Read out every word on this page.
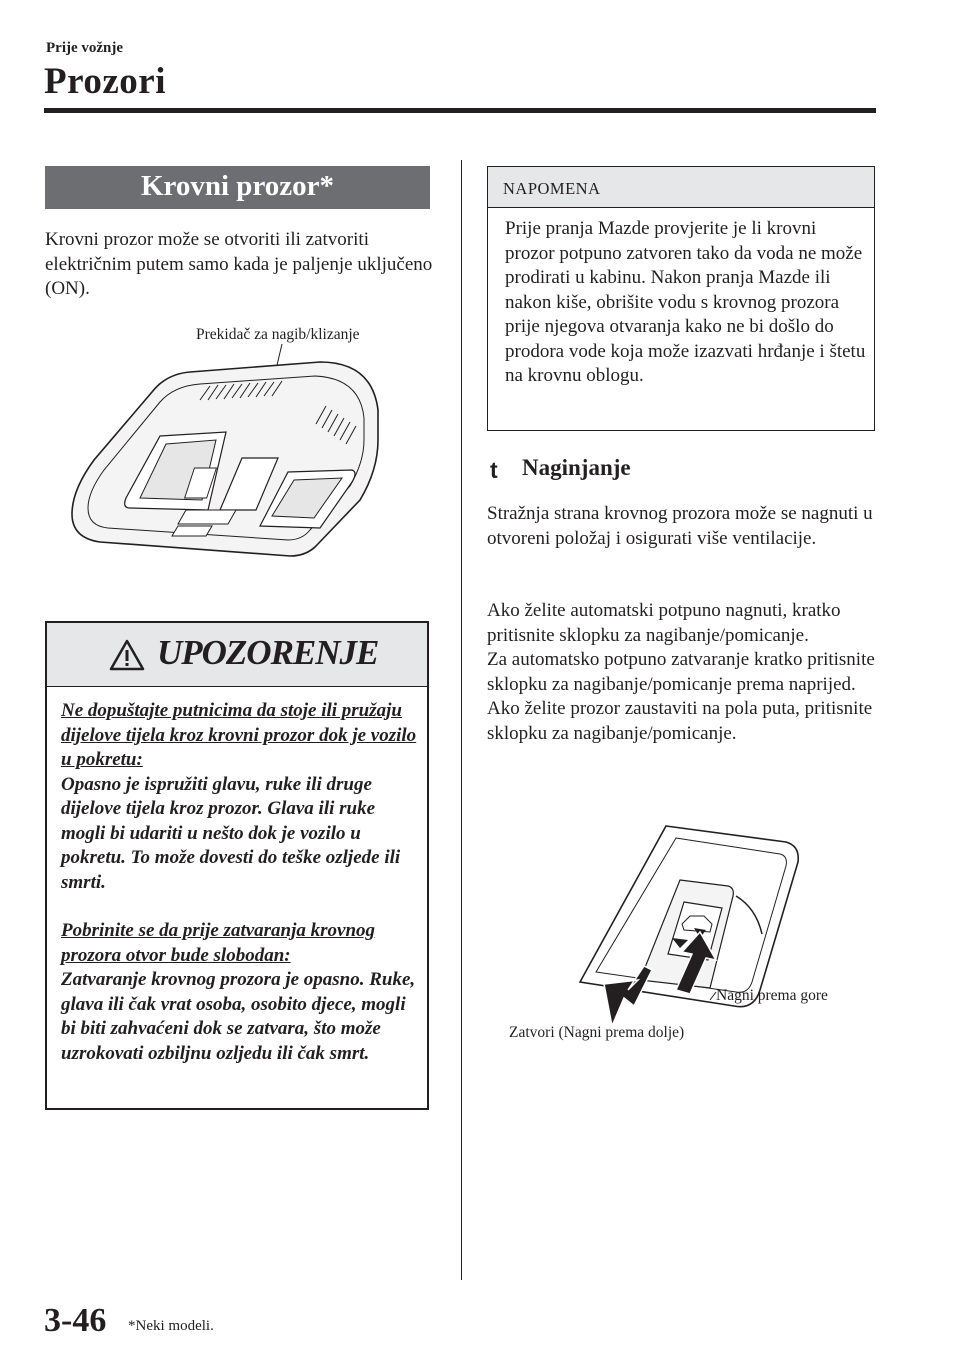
Prije vožnje
Prozori
Krovni prozor*
Krovni prozor može se otvoriti ili zatvoriti električnim putem samo kada je paljenje uključeno (ON).
Prekidač za nagib/klizanje
UPOZORENJE
Ne dopuštajte putnicima da stoje ili pružaju dijelove tijela kroz krovni prozor dok je vozilo u pokretu:
Opasno je ispružiti glavu, ruke ili druge dijelove tijela kroz prozor. Glava ili ruke mogli bi udariti u nešto dok je vozilo u pokretu. To može dovesti do teške ozljede ili smrti.
Pobrinite se da prije zatvaranja krovnog prozora otvor bude slobodan:
Zatvaranje krovnog prozora je opasno. Ruke, glava ili čak vrat osoba, osobito djece, mogli bi biti zahvaćeni dok se zatvara, što može uzrokovati ozbiljnu ozljedu ili čak smrt.
NAPOMENA
Prije pranja Mazde provjerite je li krovni prozor potpuno zatvoren tako da voda ne može prodirati u kabinu. Nakon pranja Mazde ili nakon kiše, obrišite vodu s krovnog prozora prije njegova otvaranja kako ne bi došlo do prodora vode koja može izazvati hrđanje i štetu na krovnu oblogu.
t Naginjanje
Stražnja strana krovnog prozora može se nagnuti u otvoreni položaj i osigurati više ventilacije.
Ako želite automatski potpuno nagnuti, kratko pritisnite sklopku za nagibanje/pomicanje.
Za automatsko potpuno zatvaranje kratko pritisnite sklopku za nagibanje/pomicanje prema naprijed.
Ako želite prozor zaustaviti na pola puta, pritisnite sklopku za nagibanje/pomicanje.
Nagni prema gore
Zatvori (Nagni prema dolje)
3-46 *Neki modeli.
